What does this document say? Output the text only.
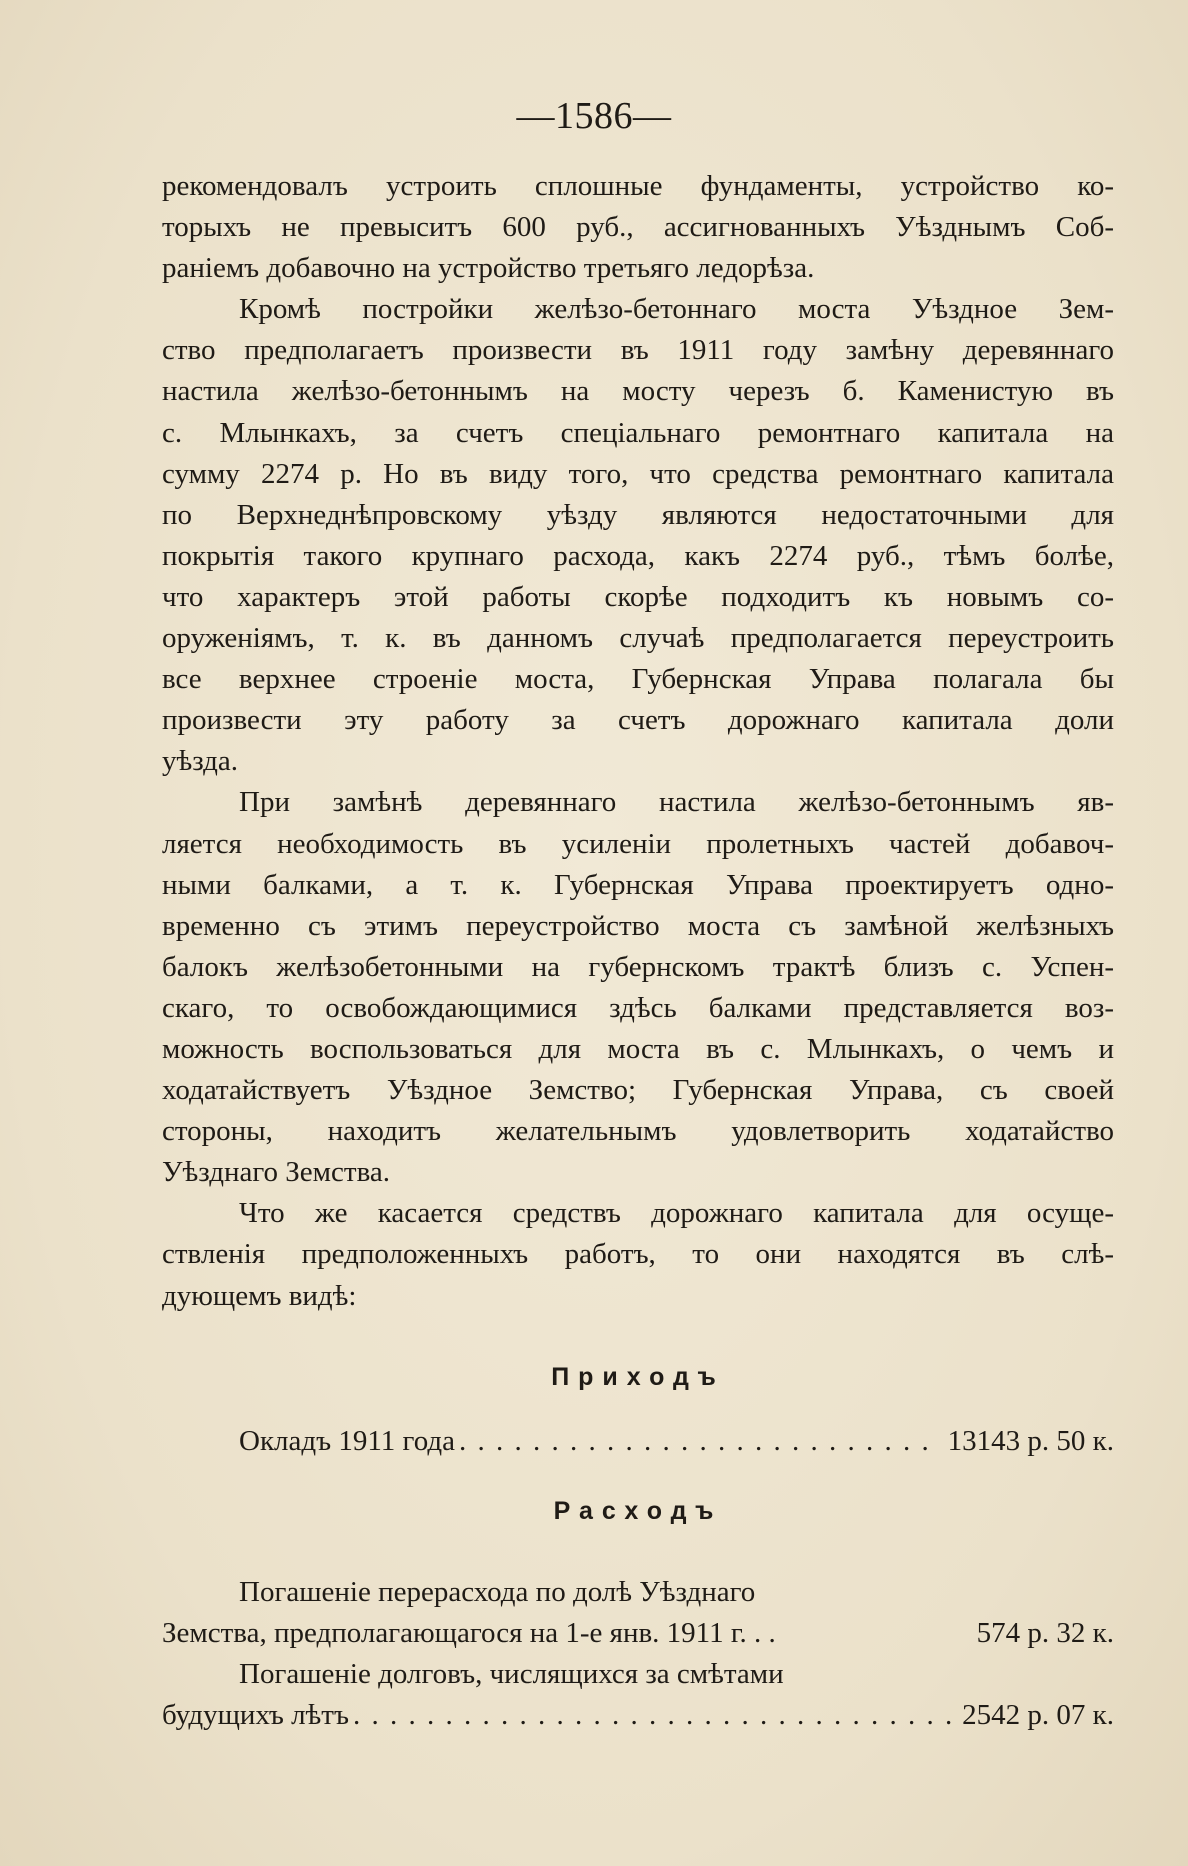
—1586—
рекомендовалъ устроить сплошные фундаменты, устройство ко-
торыхъ не превыситъ 600 руб., ассигнованныхъ Уѣзднымъ Соб-
раніемъ добавочно на устройство третьяго ледорѣза.
Кромѣ постройки желѣзо-бетоннаго моста Уѣздное Зем-
ство предполагаетъ произвести въ 1911 году замѣну деревяннаго
настила желѣзо-бетоннымъ на мосту черезъ б. Каменистую въ
с. Млынкахъ, за счетъ спеціальнаго ремонтнаго капитала на
сумму 2274 р. Но въ виду того, что средства ремонтнаго капитала
по Верхнеднѣпровскому уѣзду являются недостаточными для
покрытія такого крупнаго расхода, какъ 2274 руб., тѣмъ болѣе,
что характеръ этой работы скорѣе подходитъ къ новымъ со-
оруженіямъ, т. к. въ данномъ случаѣ предполагается переустроить
все верхнее строеніе моста, Губернская Управа полагала бы
произвести эту работу за счетъ дорожнаго капитала доли
уѣзда.
При замѣнѣ деревяннаго настила желѣзо-бетоннымъ яв-
ляется необходимость въ усиленіи пролетныхъ частей добавоч-
ными балками, а т. к. Губернская Управа проектируетъ одно-
временно съ этимъ переустройство моста съ замѣной желѣзныхъ
балокъ желѣзобетонными на губернскомъ трактѣ близъ с. Успен-
скаго, то освобождающимися здѣсь балками представляется воз-
можность воспользоваться для моста въ с. Млынкахъ, о чемъ и
ходатайствуетъ Уѣздное Земство; Губернская Управа, съ своей
стороны, находитъ желательнымъ удовлетворить ходатайство
Уѣзднаго Земства.
Что же касается средствъ дорожнаго капитала для осуще-
ствленія предположенныхъ работъ, то они находятся въ слѣ-
дующемъ видѣ:
Приходъ
Окладъ 1911 года . . .	13143 р. 50 к.
Расходъ
Погашеніе перерасхода по долѣ Уѣзднаго
Земства, предполагающагося на 1-е янв. 1911 г. . .	574 р. 32 к.
Погашеніе долговъ, числящихся за смѣтами
будущихъ лѣтъ . . .	2542 р. 07 к.
